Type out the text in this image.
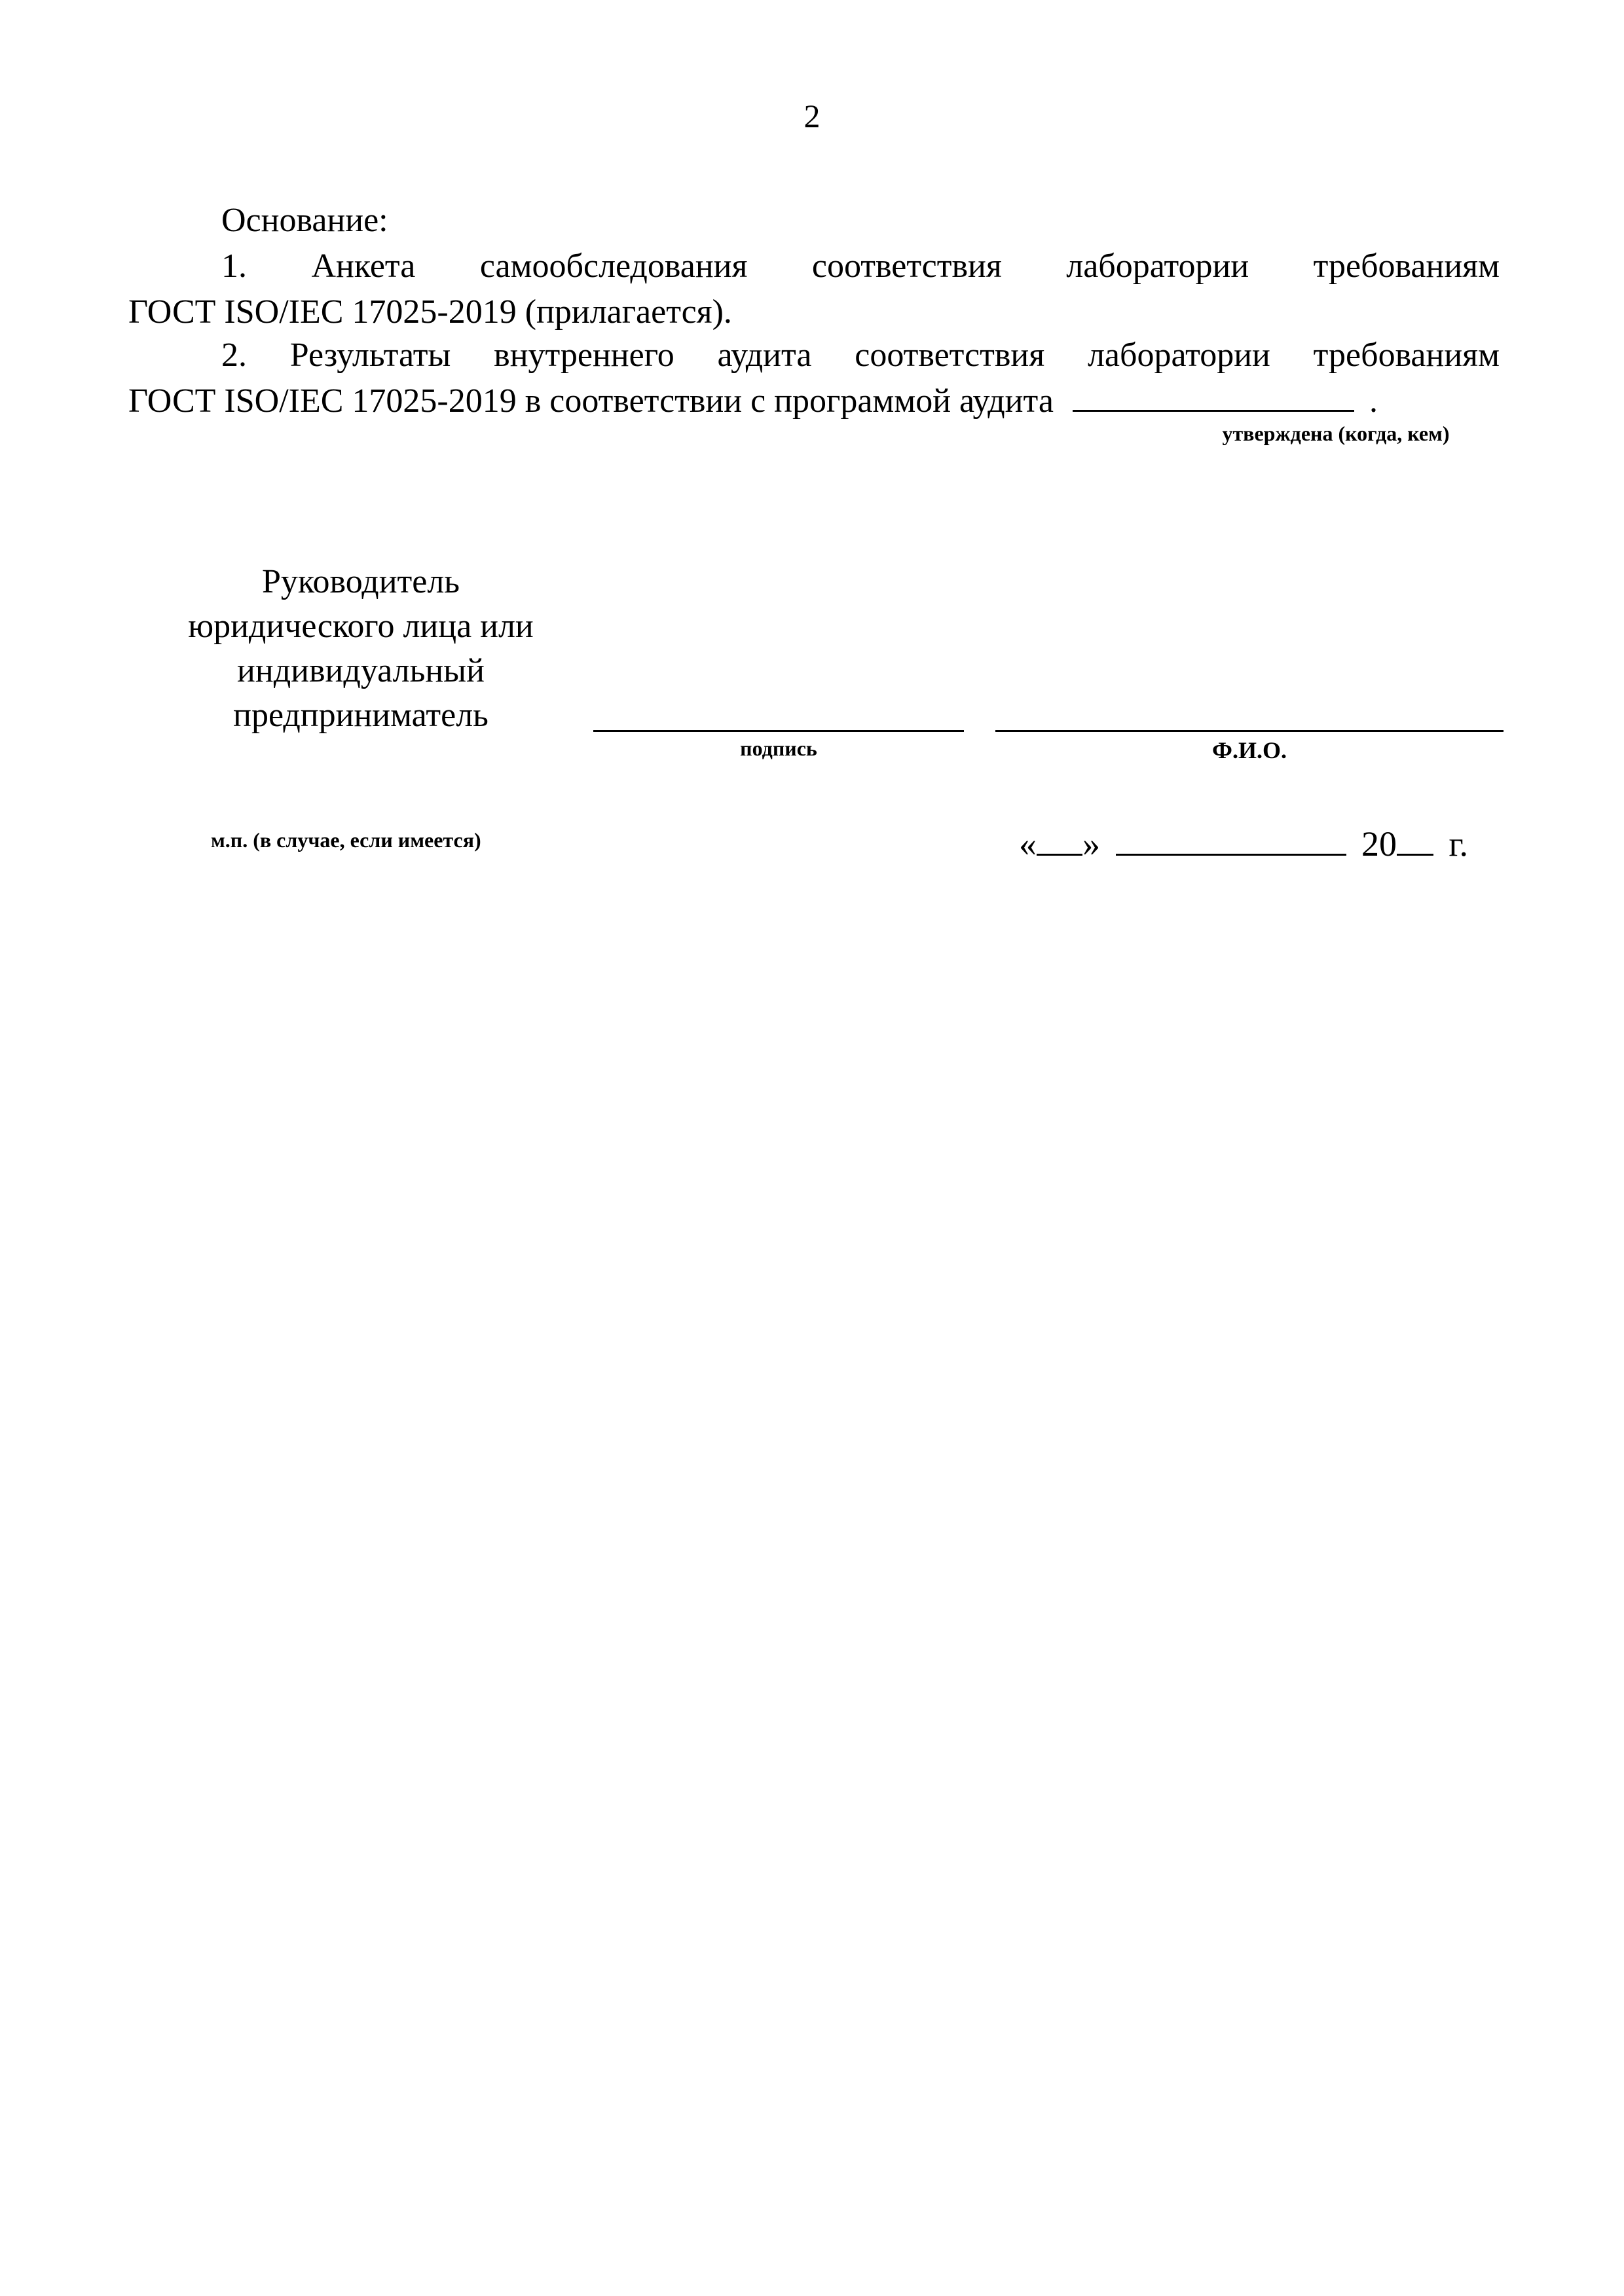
2
Основание:

1. Анкета самообследования соответствия лаборатории требованиям

ГОСТ ISO/IEC 17025-2019 (прилагается).

2. Результаты внутреннего аудита соответствия лаборатории требованиям

ГОСТ ISO/IEC 17025-2019 в соответствии с программой аудита	.
утверждена (когда, кем)
Руководитель
юридического лица или
индивидуальный
предприниматель
подпись	Ф.И.О.
м.п. (в случае, если имеется)	« »	20 г.
